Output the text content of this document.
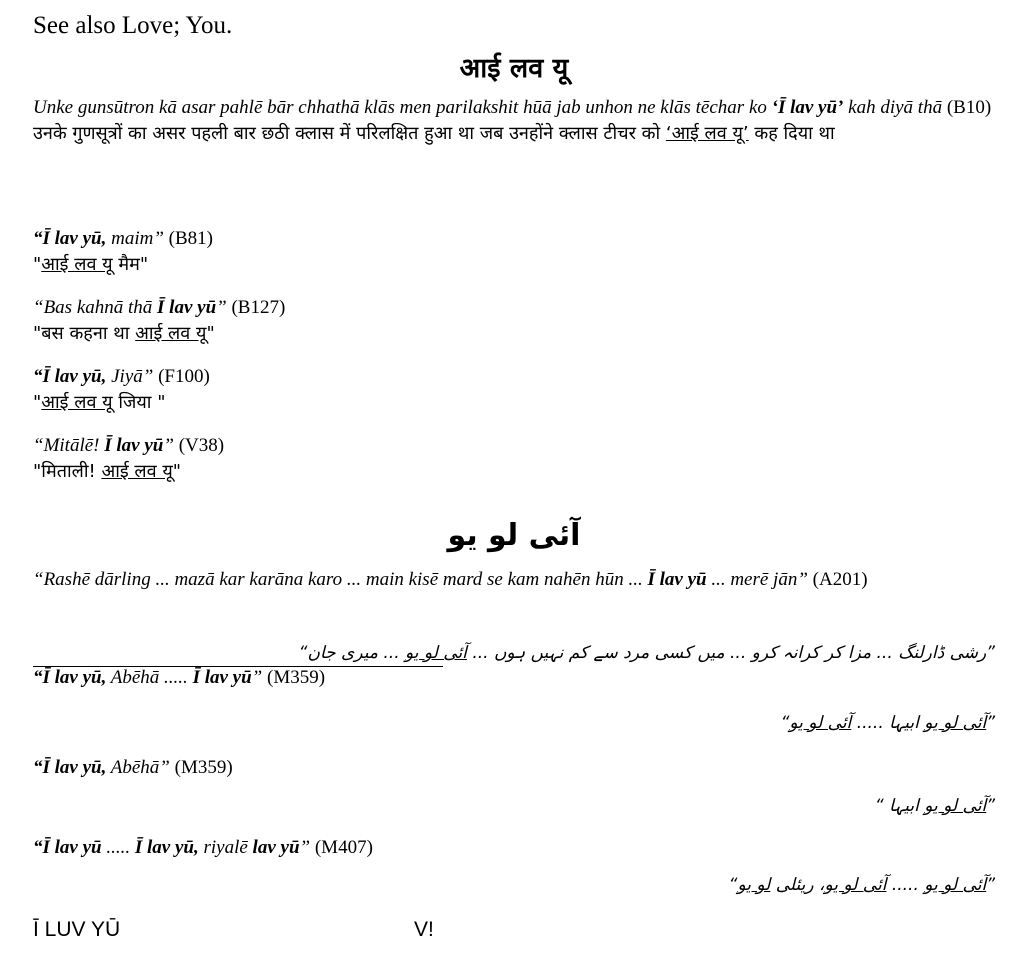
See also Love; You.
आई लव यू
Unke gunsūtron kā asar pahlē bār chhathā klās men parilakshit hūā jab unhon ne klās tēchar ko ‘Ī lav yū’ kah diyā thā (B10)
उनके गुणसूत्रों का असर पहली बार छठी क्लास में परिलक्षित हुआ था जब उनहोंने क्लास टीचर को ‘आई लव यू’ कह दिया था
“Ī lav yū, maim” (B81)
"आई लव यू मैम"
“Bas kahnā thā Ī lav yū” (B127)
"बस कहना था आई लव यू"
“Ī lav yū, Jiyā” (F100)
"आई लव यू जिया "
“Mitālē! Ī lav yū” (V38)
"मिताली! आई लव यू"
آئی لو یو
“Rashē dārling ... mazā kar karāna karo ... main kisē mard se kam nahēn hūn ... Ī lav yū ... merē jān” (A201)
”رشی ڈارلنگ ... مزا کر کرانہ کرو ... میں کسی مرد سے کم نہیں ہوں ... آئی لو یو ... میری جان“
“Ī lav yū, Abēhā ..... Ī lav yū” (M359)
”آئی لو یو ابیہا ..... آئی لو یو“
“Ī lav yū, Abēhā” (M359)
”آئی لو یو ابیہا “
“Ī lav yū ..... Ī lav yū, riyalē lav yū” (M407)
”آئی لو یو ..... آئی لو یو، ریئلی لو یو“
Ī LUV YŪ	V!
